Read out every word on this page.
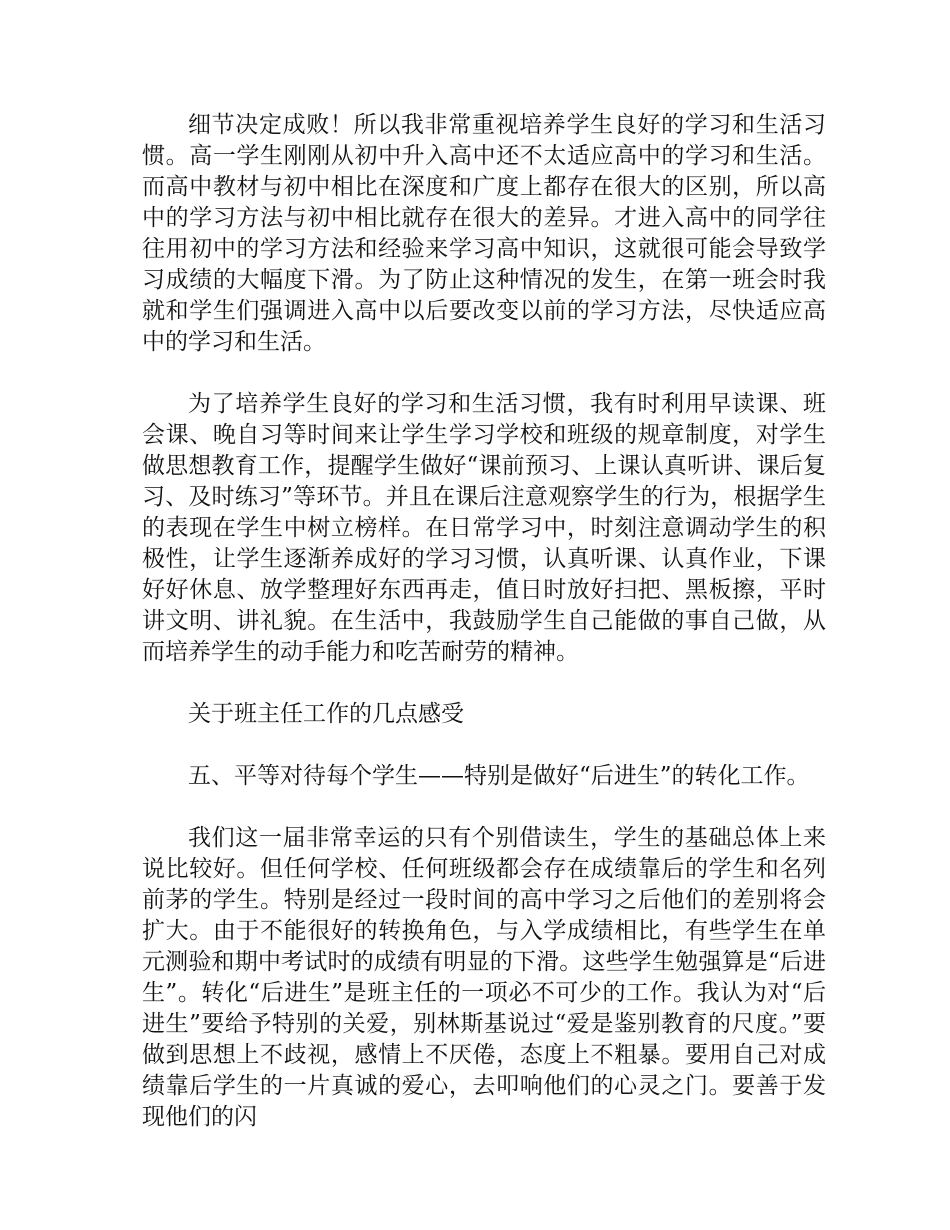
细节决定成败！所以我非常重视培养学生良好的学习和生活习惯。高一学生刚刚从初中升入高中还不太适应高中的学习和生活。而高中教材与初中相比在深度和广度上都存在很大的区别，所以高中的学习方法与初中相比就存在很大的差异。才进入高中的同学往往用初中的学习方法和经验来学习高中知识，这就很可能会导致学习成绩的大幅度下滑。为了防止这种情况的发生，在第一班会时我就和学生们强调进入高中以后要改变以前的学习方法，尽快适应高中的学习和生活。

为了培养学生良好的学习和生活习惯，我有时利用早读课、班会课、晚自习等时间来让学生学习学校和班级的规章制度，对学生做思想教育工作，提醒学生做好“课前预习、上课认真听讲、课后复习、及时练习”等环节。并且在课后注意观察学生的行为，根据学生的表现在学生中树立榜样。在日常学习中，时刻注意调动学生的积极性，让学生逐渐养成好的学习习惯，认真听课、认真作业，下课好好休息、放学整理好东西再走，值日时放好扫把、黑板擦，平时讲文明、讲礼貌。在生活中，我鼓励学生自己能做的事自己做，从而培养学生的动手能力和吃苦耐劳的精神。

关于班主任工作的几点感受

五、平等对待每个学生——特别是做好“后进生”的转化工作。

我们这一届非常幸运的只有个别借读生，学生的基础总体上来说比较好。但任何学校、任何班级都会存在成绩靠后的学生和名列前茅的学生。特别是经过一段时间的高中学习之后他们的差别将会扩大。由于不能很好的转换角色，与入学成绩相比，有些学生在单元测验和期中考试时的成绩有明显的下滑。这些学生勉强算是“后进生”。转化“后进生”是班主任的一项必不可少的工作。我认为对“后进生”要给予特别的关爱，别林斯基说过“爱是鉴别教育的尺度。”要做到思想上不歧视，感情上不厌倦，态度上不粗暴。要用自己对成绩靠后学生的一片真诚的爱心，去叩响他们的心灵之门。要善于发现他们的闪
